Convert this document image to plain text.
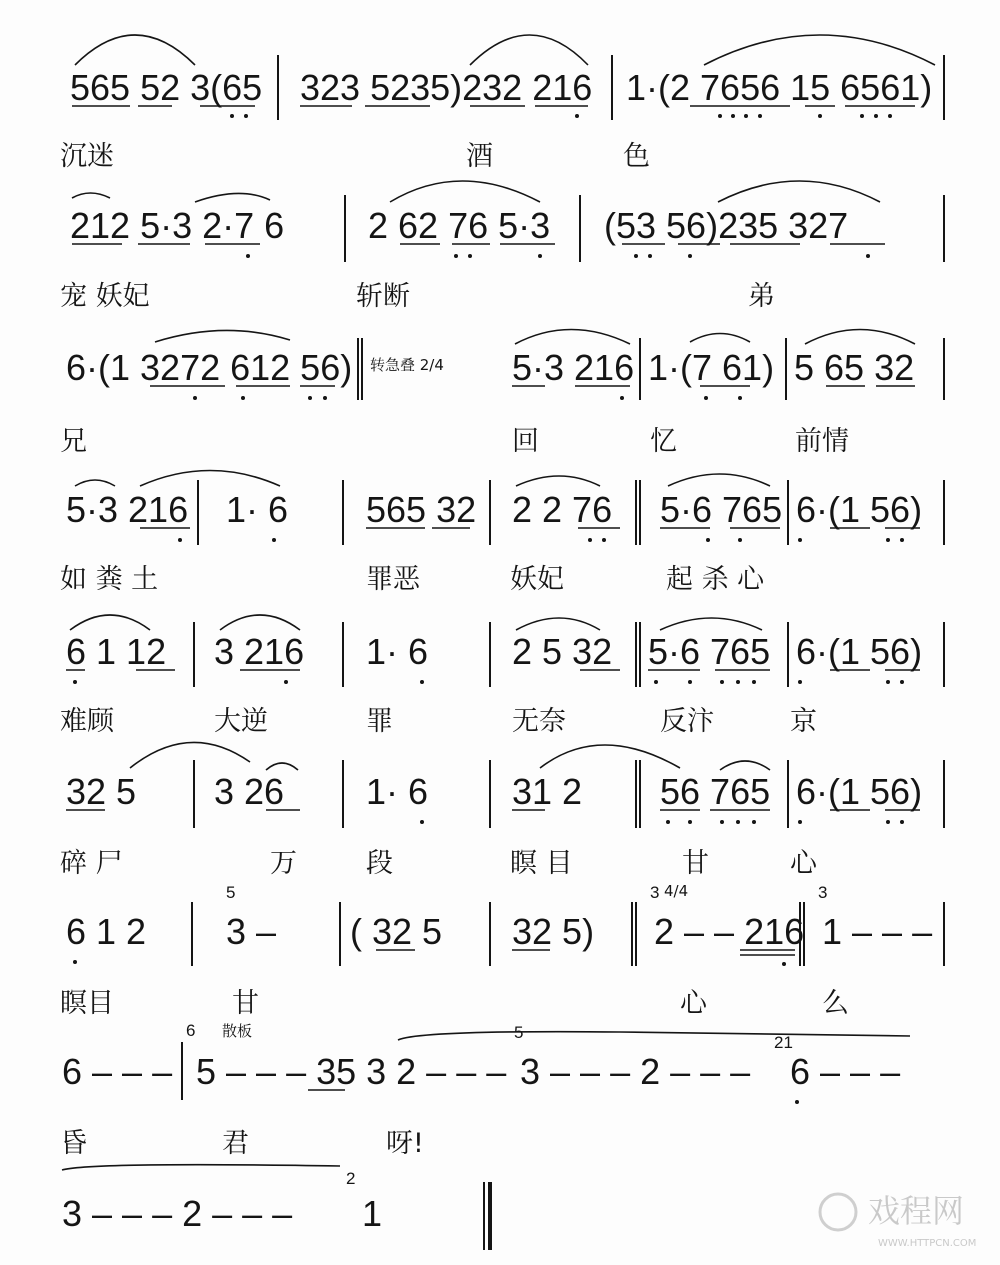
565 52 3(65 323 5235)232 216 1·(2 7656 15 6561)
沉迷	酒	色
212 5·3 2·7 6 2 62 76 5·3 (53 56)235 327
宠 妖妃	斩断	弟
6·(1 3272 612 56) 转急叠 2/4 5·3 216 1·(7 61) 5 65 32
兄	回	忆	前情
5·3 216 1· 6 565 32 2 2 76 5·6 765 6·(1 56)
如 粪 土	罪恶	妖妃	起 杀 心
6 1 12 3 216 1· 6 2 5 32 5·6 765 6·(1 56)
难顾	大逆	罪	无奈	反汴	京
32 5 3 26 1· 6 31 2 56 765 6·(1 56)
碎 尸	万	段	瞑 目	甘	心
6 1 2
5
3 – ( 32 5 32 5)
3 4/4
2 – – 216
3
1 – – –
瞑目	甘	心	么
6 – – –
6 散板
5 – – – 35 3 2 – – –
5
3 – – – 2 – – –
21
6 – – –
昏	君	呀!
3 – – – 2 – – –
2
1	戏程网
WWW.HTTPCN.COM
